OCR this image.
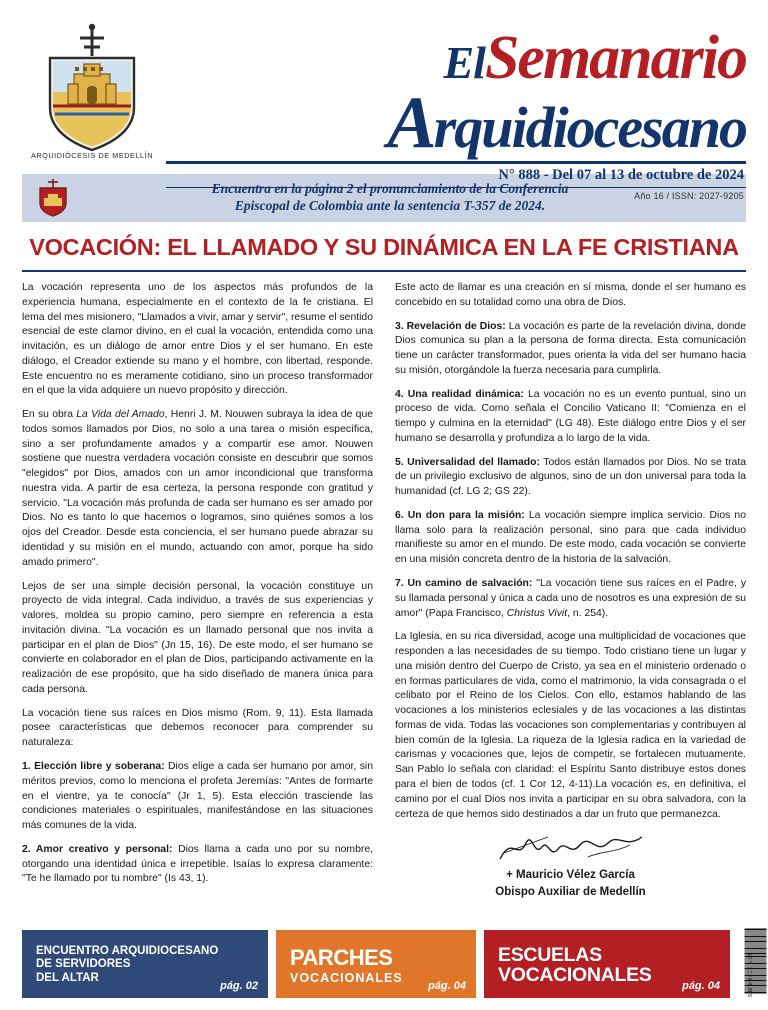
ARQUIDIÓCESIS DE MEDELLÍN
ElSemanario
Arquidiocesano
N° 888 - Del 07 al 13 de octubre de 2024
Año 16 / ISSN: 2027-9205
Encuentra en la página 2 el pronunciamiento de la Conferencia
Episcopal de Colombia ante la sentencia T-357 de 2024.
VOCACIÓN: EL LLAMADO Y SU DINÁMICA EN LA FE CRISTIANA

La vocación representa uno de los aspectos más profundos de la experiencia humana, especialmente en el contexto de la fe cristiana. El lema del mes misionero, "Llamados a vivir, amar y servir", resume el sentido esencial de este clamor divino, en el cual la vocación, entendida como una invitación, es un diálogo de amor entre Dios y el ser humano. En este diálogo, el Creador extiende su mano y el hombre, con libertad, responde. Este encuentro no es meramente cotidiano, sino un proceso transformador en el que la vida adquiere un nuevo propósito y dirección.

En su obra La Vida del Amado, Henri J. M. Nouwen subraya la idea de que todos somos llamados por Dios, no solo a una tarea o misión específica, sino a ser profundamente amados y a compartir ese amor. Nouwen sostiene que nuestra verdadera vocación consiste en descubrir que somos "elegidos" por Dios, amados con un amor incondicional que transforma nuestra vida. A partir de esa certeza, la persona responde con gratitud y servicio. "La vocación más profunda de cada ser humano es ser amado por Dios. No es tanto lo que hacemos o logramos, sino quiénes somos a los ojos del Creador. Desde esta conciencia, el ser humano puede abrazar su identidad y su misión en el mundo, actuando con amor, porque ha sido amado primero".

Lejos de ser una simple decisión personal, la vocación constituye un proyecto de vida integral. Cada individuo, a través de sus experiencias y valores, moldea su propio camino, pero siempre en referencia a esta invitación divina. "La vocación es un llamado personal que nos invita a participar en el plan de Dios" (Jn 15, 16). De este modo, el ser humano se convierte en colaborador en el plan de Dios, participando activamente en la realización de ese propósito, que ha sido diseñado de manera única para cada persona.

La vocación tiene sus raíces en Dios mismo (Rom. 9, 11). Esta llamada posee características que debemos reconocer para comprender su naturaleza:

1. Elección libre y soberana: Dios elige a cada ser humano por amor, sin méritos previos, como lo menciona el profeta Jeremías: "Antes de formarte en el vientre, ya te conocía" (Jr 1, 5). Esta elección trasciende las condiciones materiales o espirituales, manifestándose en las situaciones más comunes de la vida.

2. Amor creativo y personal: Dios llama a cada uno por su nombre, otorgando una identidad única e irrepetible. Isaías lo expresa claramente: "Te he llamado por tu nombre" (Is 43, 1).

Este acto de llamar es una creación en sí misma, donde el ser humano es concebido en su totalidad como una obra de Dios.

3. Revelación de Dios: La vocación es parte de la revelación divina, donde Dios comunica su plan a la persona de forma directa. Esta comunicación tiene un carácter transformador, pues orienta la vida del ser humano hacia su misión, otorgándole la fuerza necesaria para cumplirla.

4. Una realidad dinámica: La vocación no es un evento puntual, sino un proceso de vida. Como señala el Concilio Vaticano II: "Comienza en el tiempo y culmina en la eternidad" (LG 48). Este diálogo entre Dios y el ser humano se desarrolla y profundiza a lo largo de la vida.

5. Universalidad del llamado: Todos están llamados por Dios. No se trata de un privilegio exclusivo de algunos, sino de un don universal para toda la humanidad (cf. LG 2; GS 22).

6. Un don para la misión: La vocación siempre implica servicio. Dios no llama solo para la realización personal, sino para que cada individuo manifieste su amor en el mundo. De este modo, cada vocación se convierte en una misión concreta dentro de la historia de la salvación.

7. Un camino de salvación: "La vocación tiene sus raíces en el Padre, y su llamada personal y única a cada uno de nosotros es una expresión de su amor" (Papa Francisco, Christus Vivit, n. 254).

La Iglesia, en su rica diversidad, acoge una multiplicidad de vocaciones que responden a las necesidades de su tiempo. Todo cristiano tiene un lugar y una misión dentro del Cuerpo de Cristo, ya sea en el ministerio ordenado o en formas particulares de vida, como el matrimonio, la vida consagrada o el celibato por el Reino de los Cielos. Con ello, estamos hablando de las vocaciones a los ministerios eclesiales y de las vocaciones a las distintas formas de vida. Todas las vocaciones son complementarias y contribuyen al bien común de la Iglesia. La riqueza de la Iglesia radica en la variedad de carismas y vocaciones que, lejos de competir, se fortalecen mutuamente. San Pablo lo señala con claridad: el Espíritu Santo distribuye estos dones para el bien de todos (cf. 1 Cor 12, 4-11).La vocación es, en definitiva, el camino por el cual Dios nos invita a participar en su obra salvadora, con la certeza de que hemos sido destinados a dar un fruto que permanezca.

+ Mauricio Vélez García
Obispo Auxiliar de Medellín
ENCUENTRO ARQUIDIOCESANO
DE SERVIDORES
DEL ALTAR
pág. 02
PARCHES
VOCACIONALES
pág. 04
ESCUELAS
VOCACIONALES	pág. 04	ISSN 2027-9205
